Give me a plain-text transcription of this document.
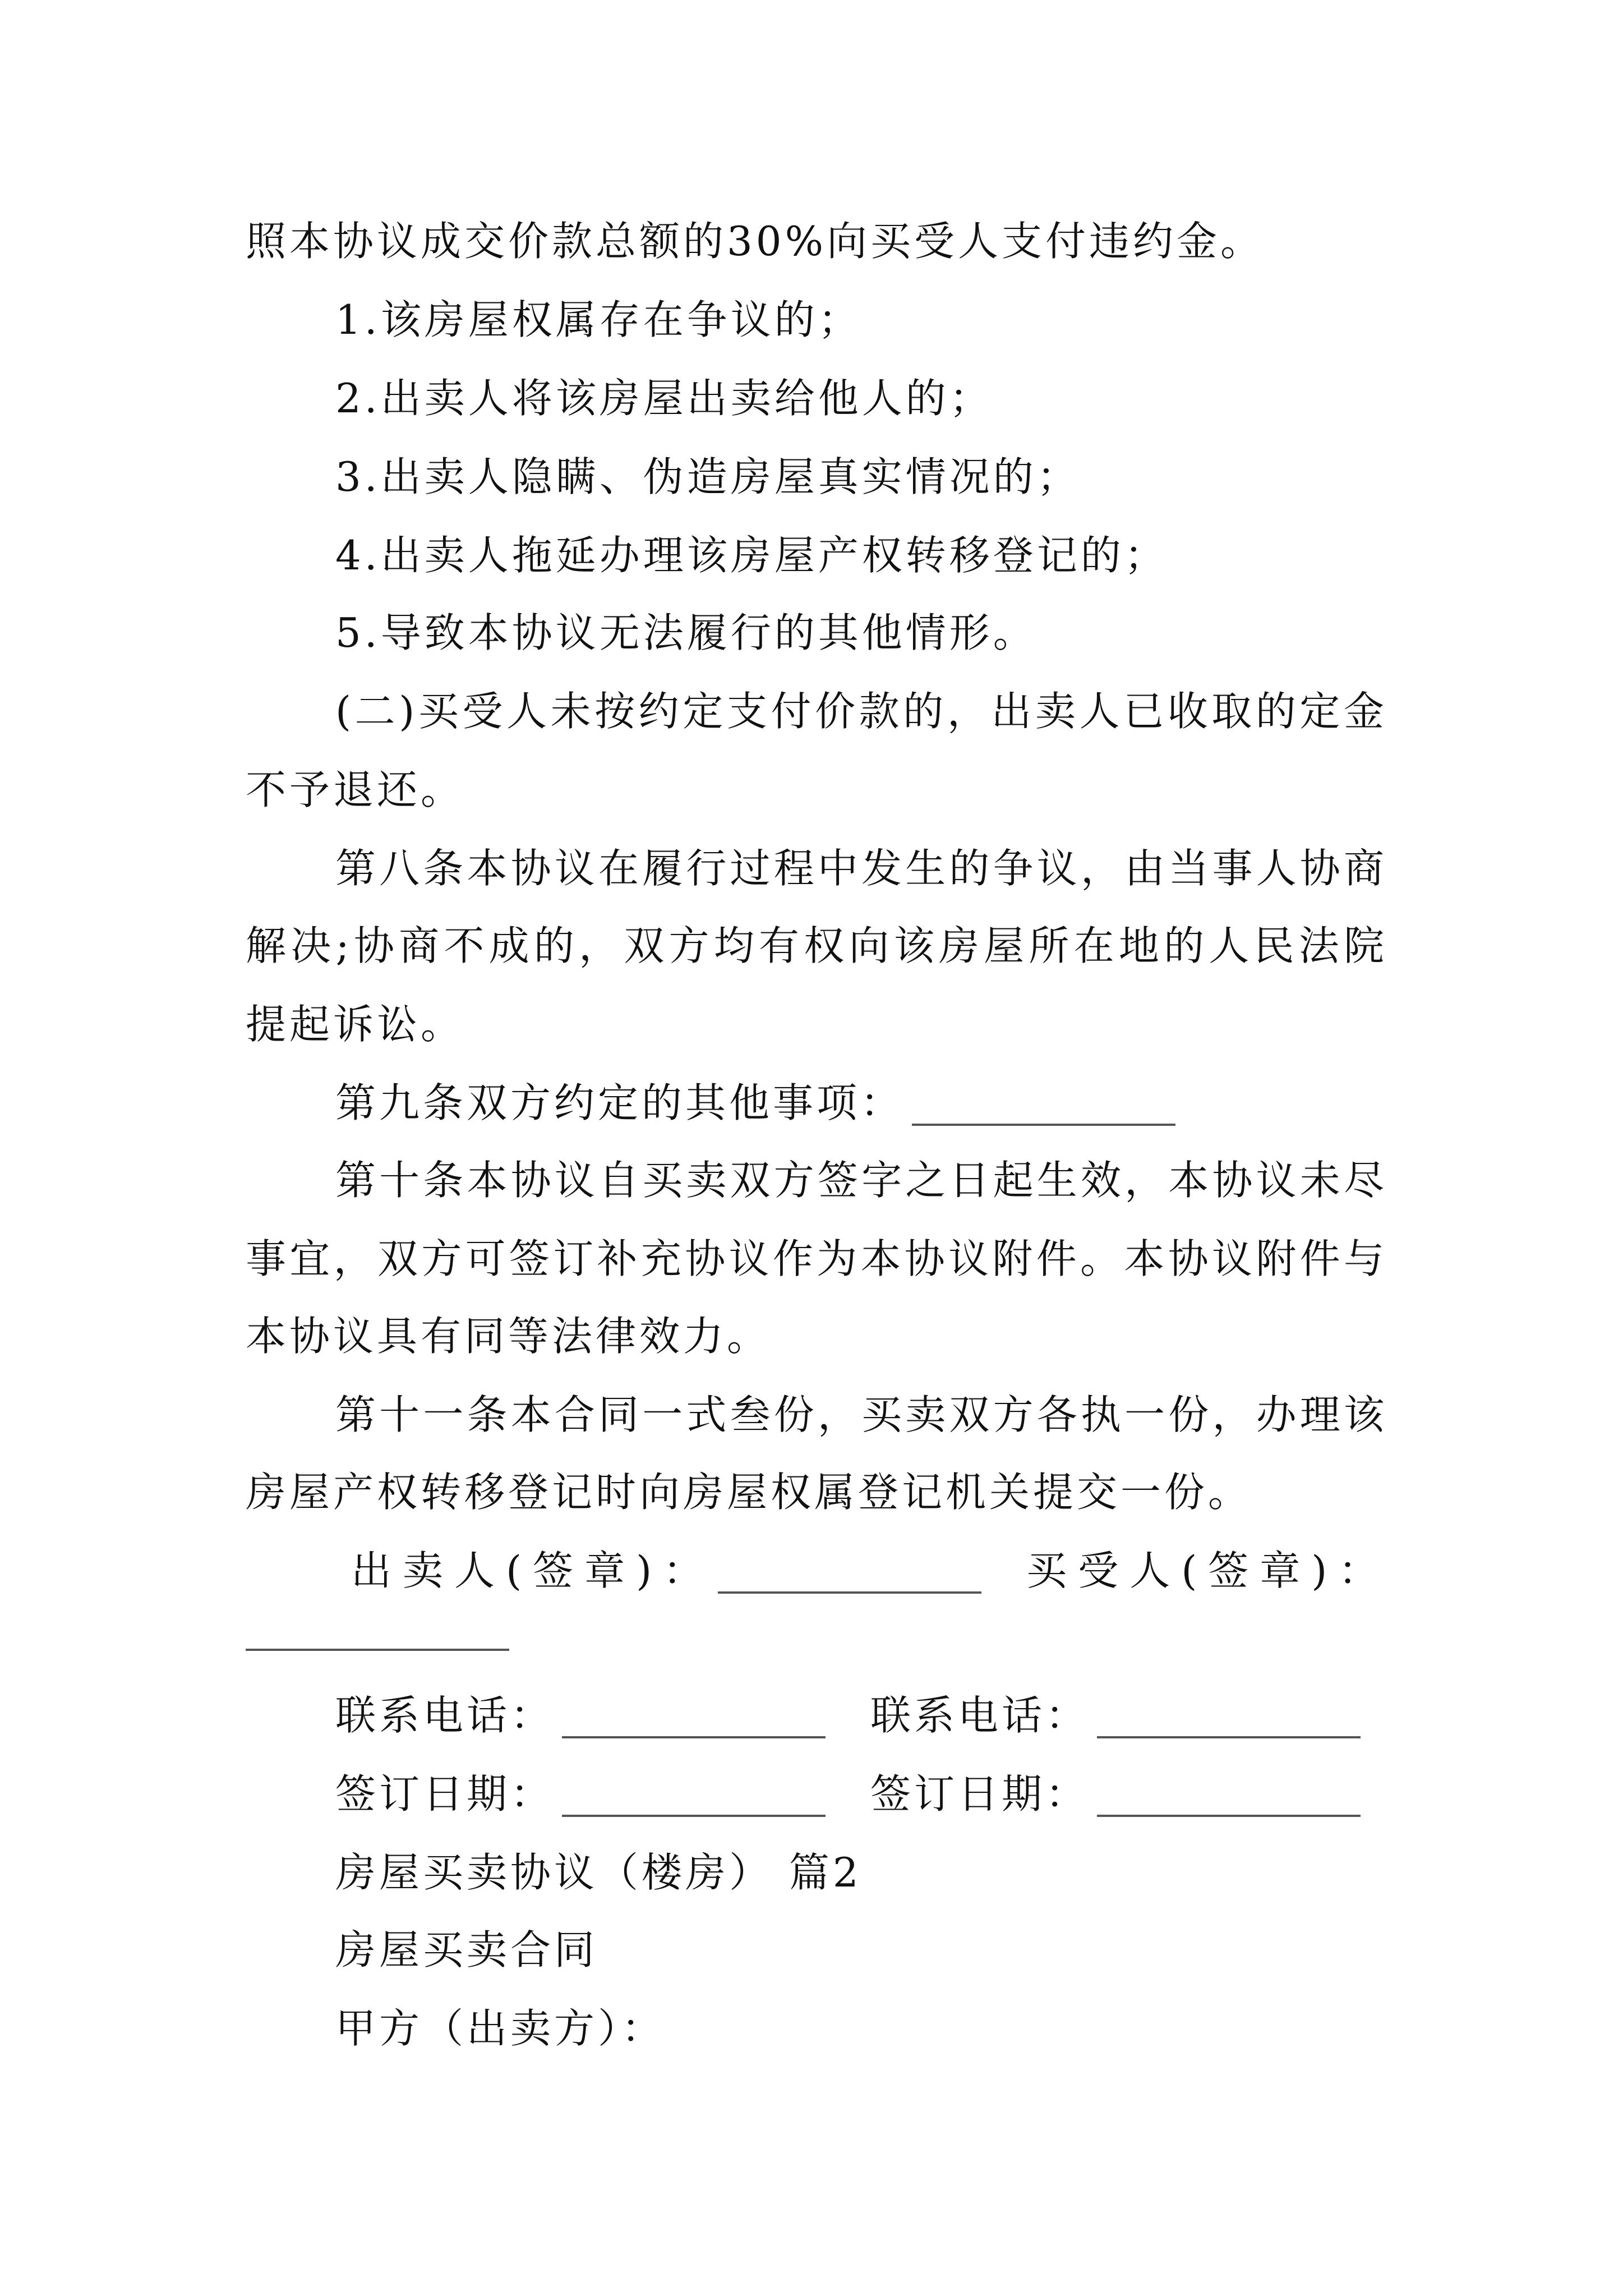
照本协议成交价款总额的30%向买受人支付违约金。

1.该房屋权属存在争议的；

2.出卖人将该房屋出卖给他人的；

3.出卖人隐瞒、伪造房屋真实情况的；

4.出卖人拖延办理该房屋产权转移登记的；

5.导致本协议无法履行的其他情形。

(二)买受人未按约定支付价款的，出卖人已收取的定金

不予退还。

第八条本协议在履行过程中发生的争议，由当事人协商

解决;协商不成的，双方均有权向该房屋所在地的人民法院

提起诉讼。

第九条双方约定的其他事项：

第十条本协议自买卖双方签字之日起生效，本协议未尽

事宜，双方可签订补充协议作为本协议附件。本协议附件与

本协议具有同等法律效力。

第十一条本合同一式叁份，买卖双方各执一份，办理该

房屋产权转移登记时向房屋权属登记机关提交一份。

出卖人(签章)：	买受人(签章)：

联系电话：	联系电话：

签订日期：	签订日期：

房屋买卖协议（楼房） 篇2

房屋买卖合同

甲方（出卖方）：
